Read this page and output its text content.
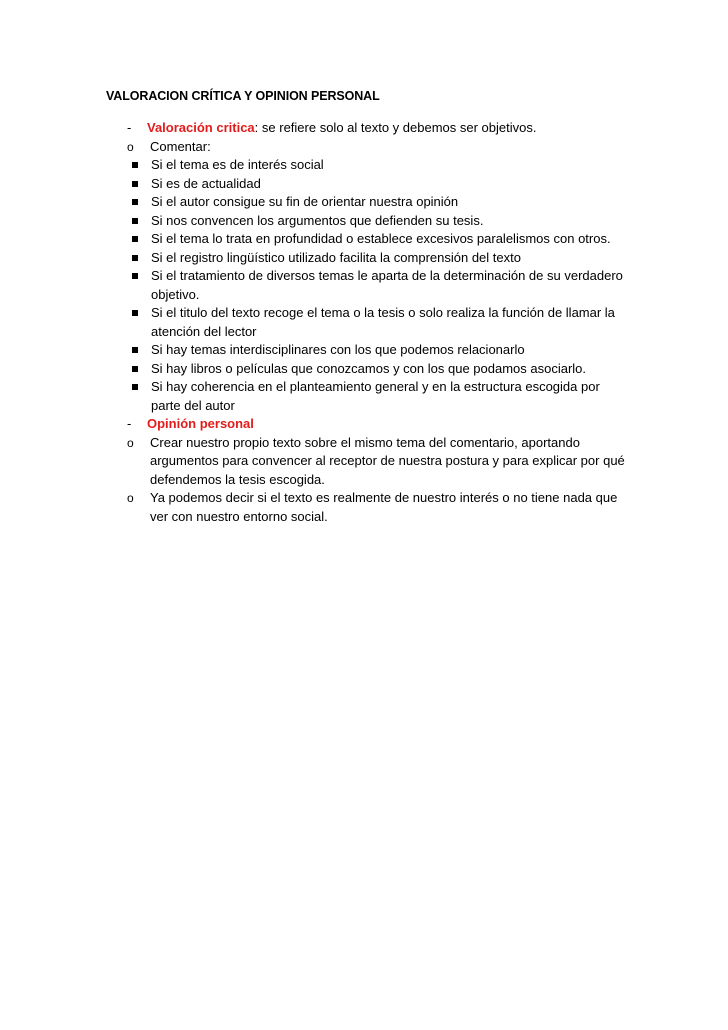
VALORACION CRÍTICA Y OPINION PERSONAL
- Valoración critica: se refiere solo al texto y debemos ser objetivos.
o Comentar:
Si el tema es de interés social
Si es de actualidad
Si el autor consigue su fin de orientar nuestra opinión
Si nos convencen los argumentos que defienden su tesis.
Si el tema lo trata en profundidad o establece excesivos paralelismos con otros.
Si el registro lingüístico utilizado facilita la comprensión del texto
Si el tratamiento de diversos temas le aparta de la determinación de su verdadero objetivo.
Si el titulo del texto recoge el tema o la tesis o solo realiza la función de llamar la atención del lector
Si hay temas interdisciplinares con los que podemos relacionarlo
Si hay libros o películas que conozcamos y con los que podamos asociarlo.
Si hay coherencia en el planteamiento general y en la estructura escogida por parte del autor
- Opinión personal
o Crear nuestro propio texto sobre el mismo tema del comentario, aportando argumentos para convencer al receptor de nuestra postura y para explicar por qué defendemos la tesis escogida.
o Ya podemos decir si el texto es realmente de nuestro interés o no tiene nada que ver con nuestro entorno social.
